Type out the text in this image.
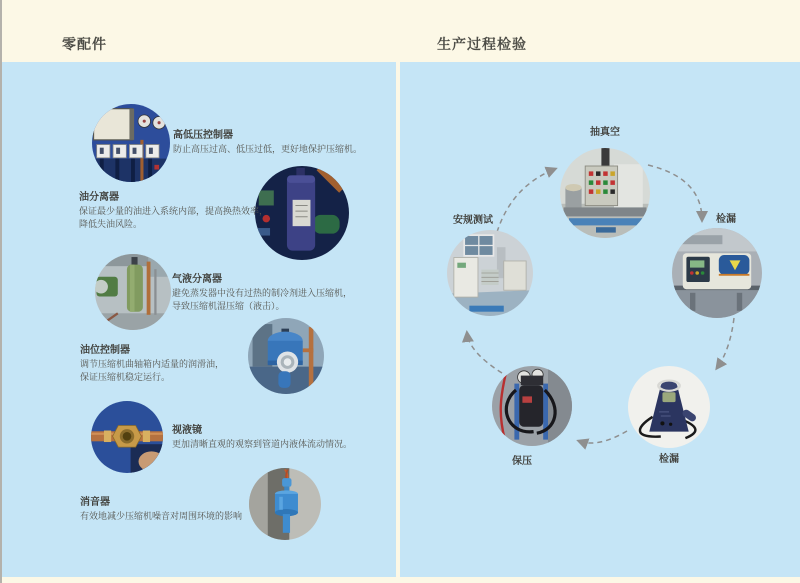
零配件	生产过程检验
高低压控制器
防止高压过高、低压过低，更好地保护压缩机。
油分离器
保证最少量的油进入系统内部，提高换热效率，
降低失油风险。
气液分离器
避免蒸发器中没有过热的制冷剂进入压缩机，
导致压缩机湿压缩（液击）。
油位控制器
调节压缩机曲轴箱内适量的润滑油，
保证压缩机稳定运行。
视液镜
更加清晰直观的观察到管道内液体流动情况。
消音器
有效地减少压缩机噪音对周围环境的影响
抽真空
检漏
检漏
保压
安规测试
